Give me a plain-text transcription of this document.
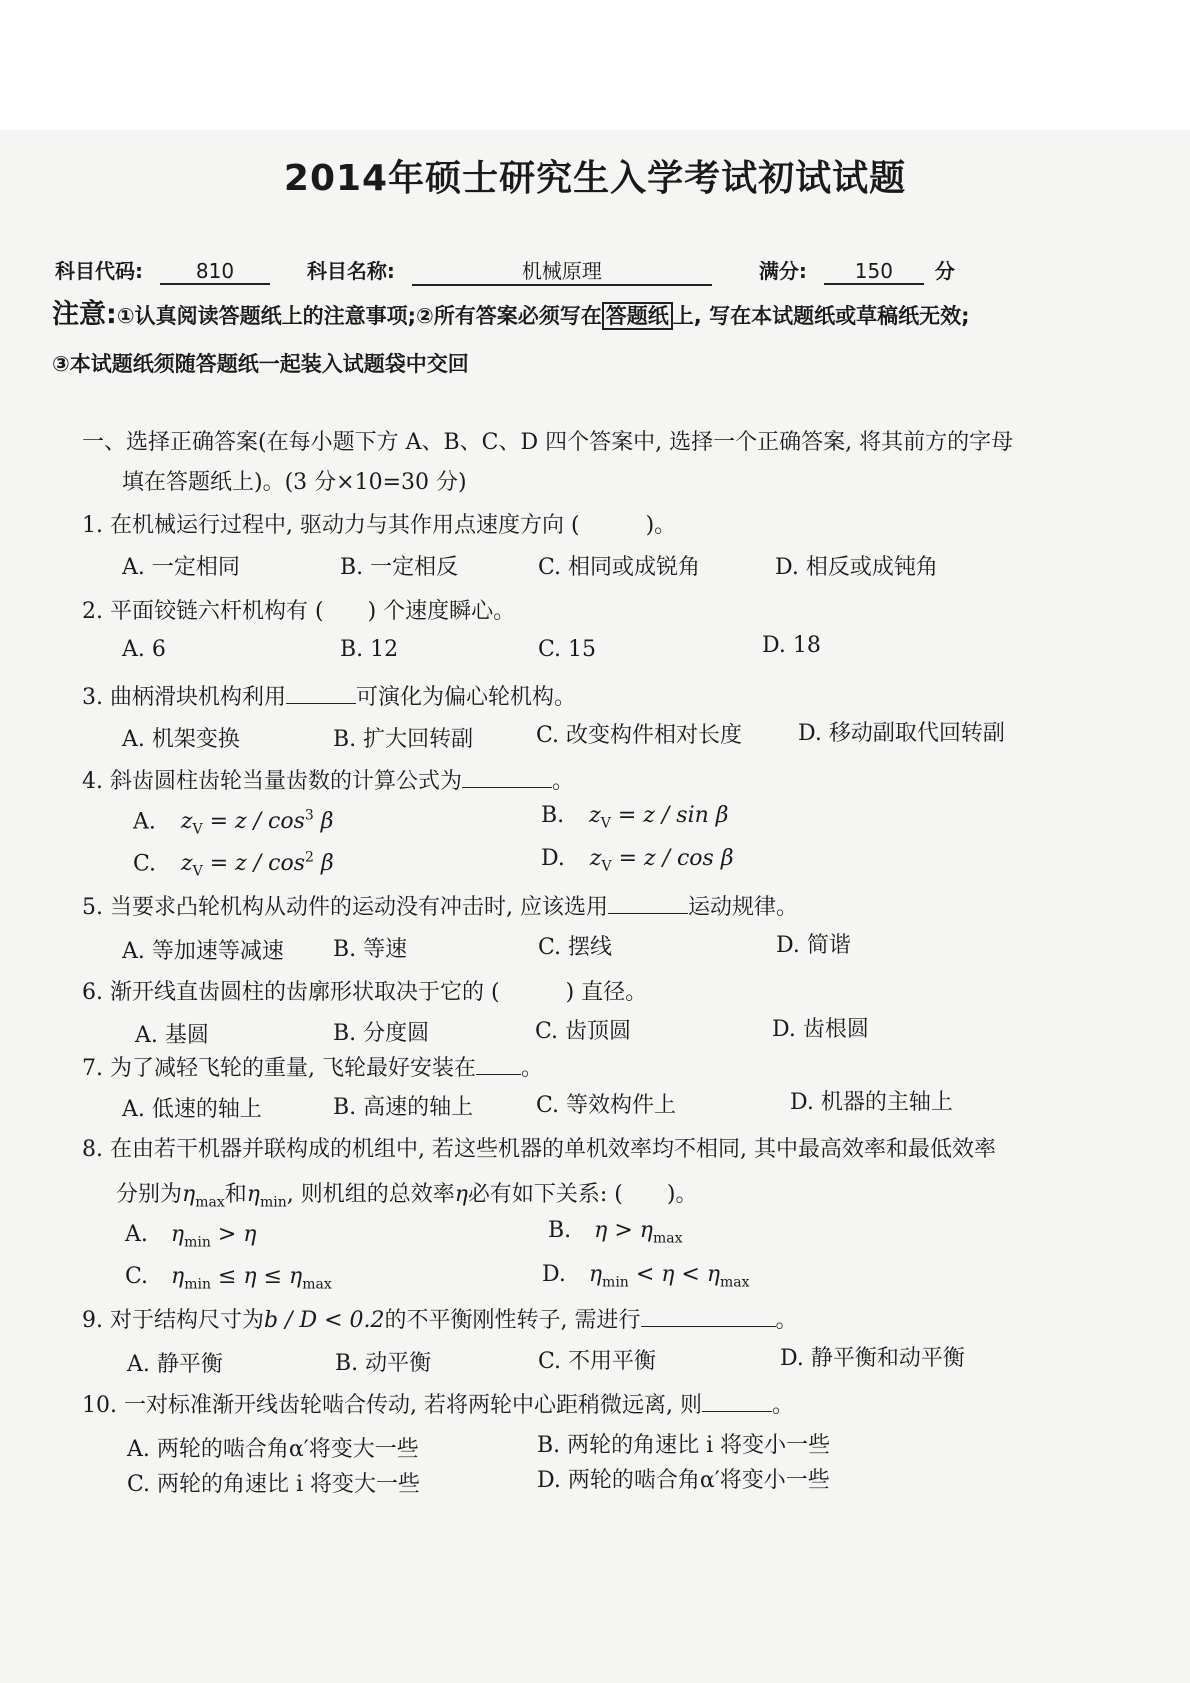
2014年硕士研究生入学考试初试试题
科目代码:	810	科目名称:	机械原理	满分: 150 分
注意:①认真阅读答题纸上的注意事项;②所有答案必须写在 答题纸 上, 写在本试题纸或草稿纸无效;
③本试题纸须随答题纸一起装入试题袋中交回
一、选择正确答案(在每小题下方 A、B、C、D 四个答案中, 选择一个正确答案, 将其前方的字母
填在答题纸上)。(3 分×10=30 分)
1. 在机械运行过程中, 驱动力与其作用点速度方向 (　　　)。
A. 一定相同	B. 一定相反	C. 相同或成锐角	D. 相反或成钝角
2. 平面铰链六杆机构有 (　　) 个速度瞬心。
A. 6	B. 12	C. 15	D. 18
3. 曲柄滑块机构利用	可演化为偏心轮机构。
A. 机架变换	B. 扩大回转副	C. 改变构件相对长度	D. 移动副取代回转副
4. 斜齿圆柱齿轮当量齿数的计算公式为	。
A. $z_V = z / \cos^3 \beta$	B. $z_V = z / \sin \beta$
C. $z_V = z / \cos^2 \beta$	D. $z_V = z / \cos \beta$
5. 当要求凸轮机构从动件的运动没有冲击时, 应该选用	运动规律。
A. 等加速等减速 B. 等速	C. 摆线	D. 简谐
6. 渐开线直齿圆柱的齿廓形状取决于它的 (　　　) 直径。
A. 基圆	B. 分度圆	C. 齿顶圆	D. 齿根圆
7. 为了减轻飞轮的重量, 飞轮最好安装在 。
A. 低速的轴上	B. 高速的轴上	C. 等效构件上	D. 机器的主轴上
8. 在由若干机器并联构成的机组中, 若这些机器的单机效率均不相同, 其中最高效率和最低效率
分别为$\eta_{max}$和$\eta_{min}$, 则机组的总效率η必有如下关系: (　　)。
A. $\eta_{min} > \eta$	B. $\eta > \eta_{max}$
C. $\eta_{min} \le \eta \le \eta_{max}$	D. $\eta_{min} < \eta < \eta_{max}$
9. 对于结构尺寸为b / D < 0.2的不平衡刚性转子, 需进行	。
A. 静平衡	B. 动平衡	C. 不用平衡	D. 静平衡和动平衡
10. 一对标准渐开线齿轮啮合传动, 若将两轮中心距稍微远离, 则	。
A. 两轮的啮合角α′将变大一些	B. 两轮的角速比 i 将变小一些
C. 两轮的角速比 i 将变大一些	D. 两轮的啮合角α′将变小一些
